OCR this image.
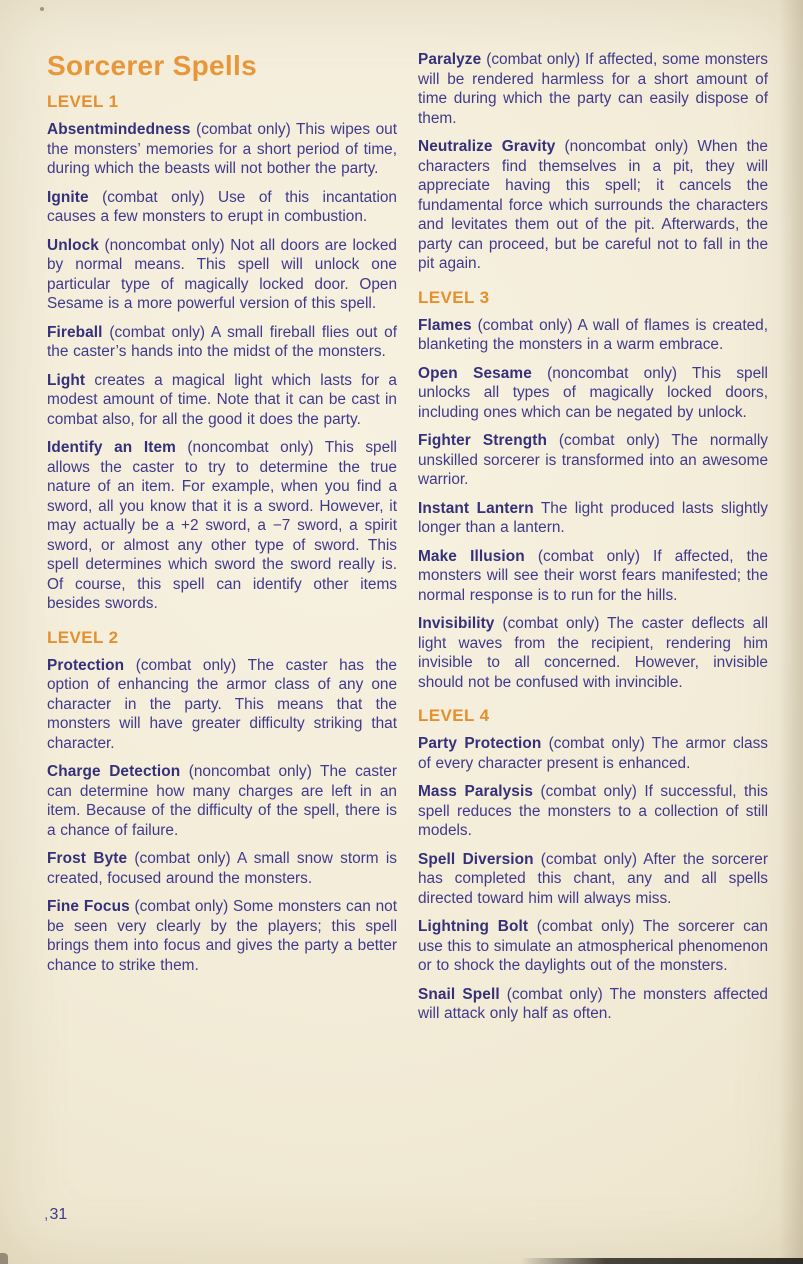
Sorcerer Spells
LEVEL 1

Absentmindedness (combat only) This wipes out the monsters’ memories for a short period of time, during which the beasts will not bother the party.

Ignite (combat only) Use of this incantation causes a few monsters to erupt in combustion.

Unlock (noncombat only) Not all doors are locked by normal means. This spell will unlock one particular type of magically locked door. Open Sesame is a more powerful version of this spell.

Fireball (combat only) A small fireball flies out of the caster’s hands into the midst of the monsters.

Light creates a magical light which lasts for a modest amount of time. Note that it can be cast in combat also, for all the good it does the party.

Identify an Item (noncombat only) This spell allows the caster to try to determine the true nature of an item. For example, when you find a sword, all you know that it is a sword. However, it may actually be a +2 sword, a −7 sword, a spirit sword, or almost any other type of sword. This spell determines which sword the sword really is. Of course, this spell can identify other items besides swords.

LEVEL 2

Protection (combat only) The caster has the option of enhancing the armor class of any one character in the party. This means that the monsters will have greater difficulty striking that character.

Charge Detection (noncombat only) The caster can determine how many charges are left in an item. Because of the difficulty of the spell, there is a chance of failure.

Frost Byte (combat only) A small snow storm is created, focused around the monsters.

Fine Focus (combat only) Some monsters can not be seen very clearly by the players; this spell brings them into focus and gives the party a better chance to strike them.

Paralyze (combat only) If affected, some monsters will be rendered harmless for a short amount of time during which the party can easily dispose of them.

Neutralize Gravity (noncombat only) When the characters find themselves in a pit, they will appreciate having this spell; it cancels the fundamental force which surrounds the characters and levitates them out of the pit. Afterwards, the party can proceed, but be careful not to fall in the pit again.

LEVEL 3

Flames (combat only) A wall of flames is created, blanketing the monsters in a warm embrace.

Open Sesame (noncombat only) This spell unlocks all types of magically locked doors, including ones which can be negated by unlock.

Fighter Strength (combat only) The normally unskilled sorcerer is transformed into an awesome warrior.

Instant Lantern The light produced lasts slightly longer than a lantern.

Make Illusion (combat only) If affected, the monsters will see their worst fears manifested; the normal response is to run for the hills.

Invisibility (combat only) The caster deflects all light waves from the recipient, rendering him invisible to all concerned. However, invisible should not be confused with invincible.

LEVEL 4

Party Protection (combat only) The armor class of every character present is enhanced.

Mass Paralysis (combat only) If successful, this spell reduces the monsters to a collection of still models.

Spell Diversion (combat only) After the sorcerer has completed this chant, any and all spells directed toward him will always miss.

Lightning Bolt (combat only) The sorcerer can use this to simulate an atmospherical phenomenon or to shock the daylights out of the monsters.

Snail Spell (combat only) The monsters affected will attack only half as often.

, 31
